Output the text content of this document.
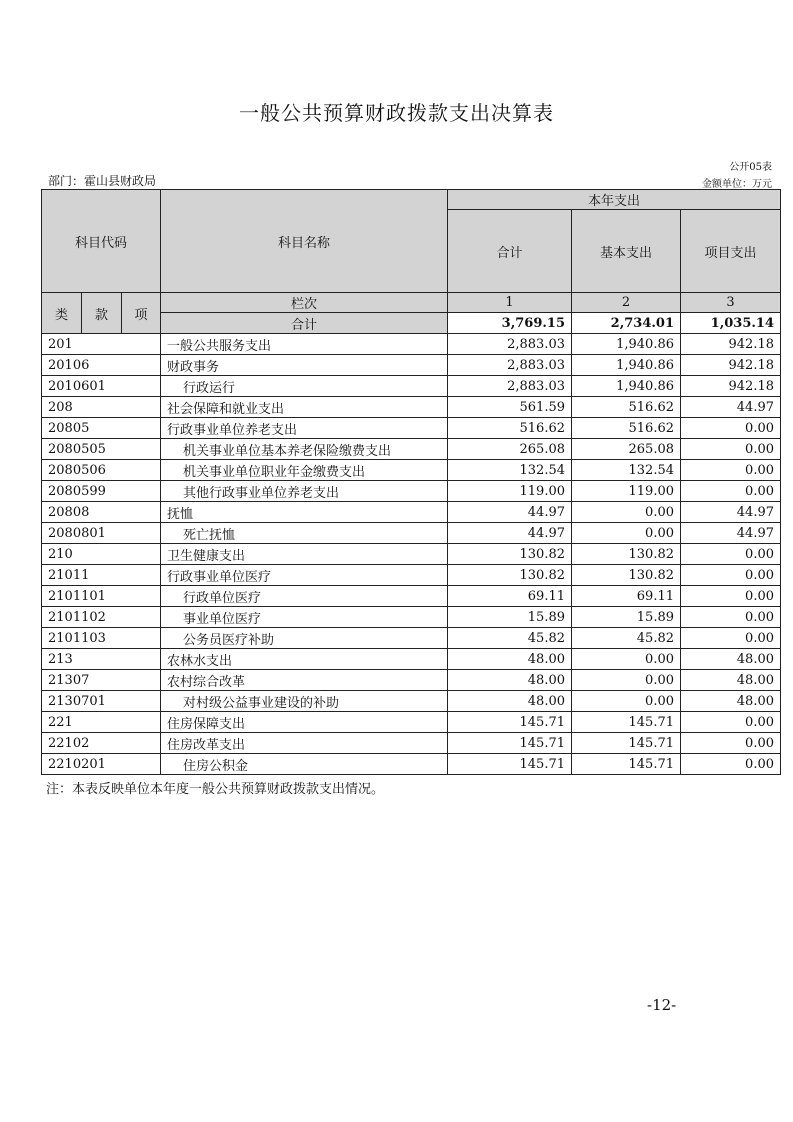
一般公共预算财政拨款支出决算表
公开05表
部门：霍山县财政局	金额单位：万元
科目代码			科目名称	本年支出		
				合计	基本支出	项目支出
类	款	项	栏次	1	2	3
			合计	3,769.15	2,734.01	1,035.14
201			一般公共服务支出	2,883.03	1,940.86	942.18
20106			财政事务	2,883.03	1,940.86	942.18
2010601			行政运行	2,883.03	1,940.86	942.18
208			社会保障和就业支出	561.59	516.62	44.97
20805			行政事业单位养老支出	516.62	516.62	0.00
2080505			机关事业单位基本养老保险缴费支出	265.08	265.08	0.00
2080506			机关事业单位职业年金缴费支出	132.54	132.54	0.00
2080599			其他行政事业单位养老支出	119.00	119.00	0.00
20808			抚恤	44.97	0.00	44.97
2080801			死亡抚恤	44.97	0.00	44.97
210			卫生健康支出	130.82	130.82	0.00
21011			行政事业单位医疗	130.82	130.82	0.00
2101101			行政单位医疗	69.11	69.11	0.00
2101102			事业单位医疗	15.89	15.89	0.00
2101103			公务员医疗补助	45.82	45.82	0.00
213			农林水支出	48.00	0.00	48.00
21307			农村综合改革	48.00	0.00	48.00
2130701			对村级公益事业建设的补助	48.00	0.00	48.00
221			住房保障支出	145.71	145.71	0.00
22102			住房改革支出	145.71	145.71	0.00
2210201			住房公积金	145.71	145.71	0.00
注：本表反映单位本年度一般公共预算财政拨款支出情况。
-12-
